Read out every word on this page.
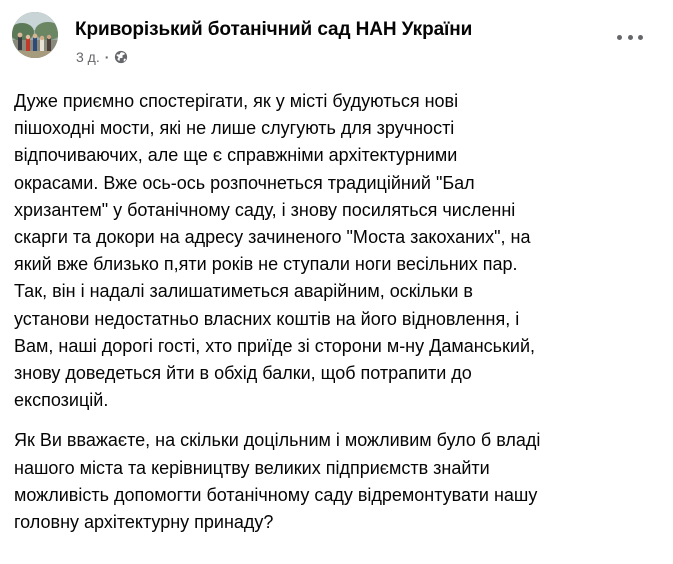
Криворізький ботанічний сад НАН України
3 д. ·

Дуже приємно спостерігати, як у місті будуються нові
пішоходні мости, які не лише слугують для зручності
відпочиваючих, але ще є справжніми архітектурними
окрасами. Вже ось-ось розпочнеться традиційний "Бал
хризантем" у ботанічному саду, і знову посиляться численні
скарги та докори на адресу зачиненого "Моста закоханих", на
який вже близько п,яти років не ступали ноги весільних пар.
Так, він і надалі залишатиметься аварійним, оскільки в
установи недостатньо власних коштів на його відновлення, і
Вам, наші дорогі гості, хто приїде зі сторони м-ну Даманський,
знову доведеться йти в обхід балки, щоб потрапити до
експозицій.

Як Ви вважаєте, на скільки доцільним і можливим було б владі
нашого міста та керівництву великих підприємств знайти
можливість допомогти ботанічному саду відремонтувати нашу
головну архітектурну принаду?
